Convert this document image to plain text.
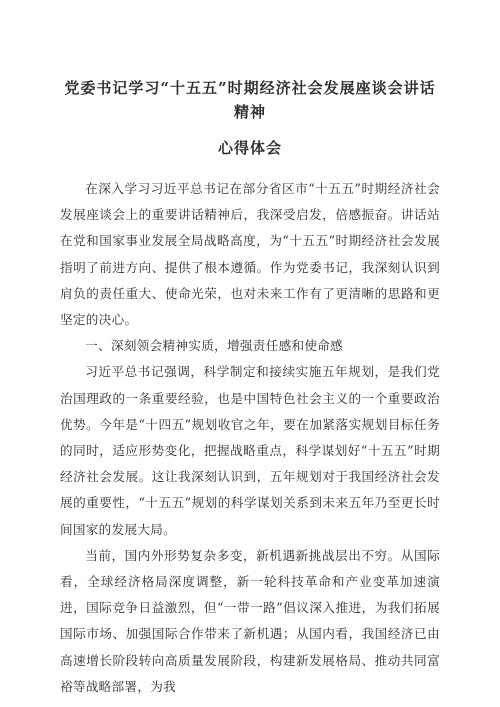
党委书记学习“十五五”时期经济社会发展座谈会讲话精神
心得体会

在深入学习习近平总书记在部分省区市“十五五”时期经济社会发展座谈会上的重要讲话精神后，我深受启发，倍感振奋。讲话站在党和国家事业发展全局战略高度，为“十五五”时期经济社会发展指明了前进方向、提供了根本遵循。作为党委书记，我深刻认识到肩负的责任重大、使命光荣，也对未来工作有了更清晰的思路和更坚定的决心。

一、深刻领会精神实质，增强责任感和使命感

习近平总书记强调，科学制定和接续实施五年规划，是我们党治国理政的一条重要经验，也是中国特色社会主义的一个重要政治优势。今年是“十四五”规划收官之年，要在加紧落实规划目标任务的同时，适应形势变化，把握战略重点，科学谋划好“十五五”时期经济社会发展。这让我深刻认识到，五年规划对于我国经济社会发展的重要性，“十五五”规划的科学谋划关系到未来五年乃至更长时间国家的发展大局。

当前，国内外形势复杂多变，新机遇新挑战层出不穷。从国际看，全球经济格局深度调整，新一轮科技革命和产业变革加速演进，国际竞争日益激烈，但“一带一路”倡议深入推进，为我们拓展国际市场、加强国际合作带来了新机遇；从国内看，我国经济已由高速增长阶段转向高质量发展阶段，构建新发展格局、推动共同富裕等战略部署，为我
